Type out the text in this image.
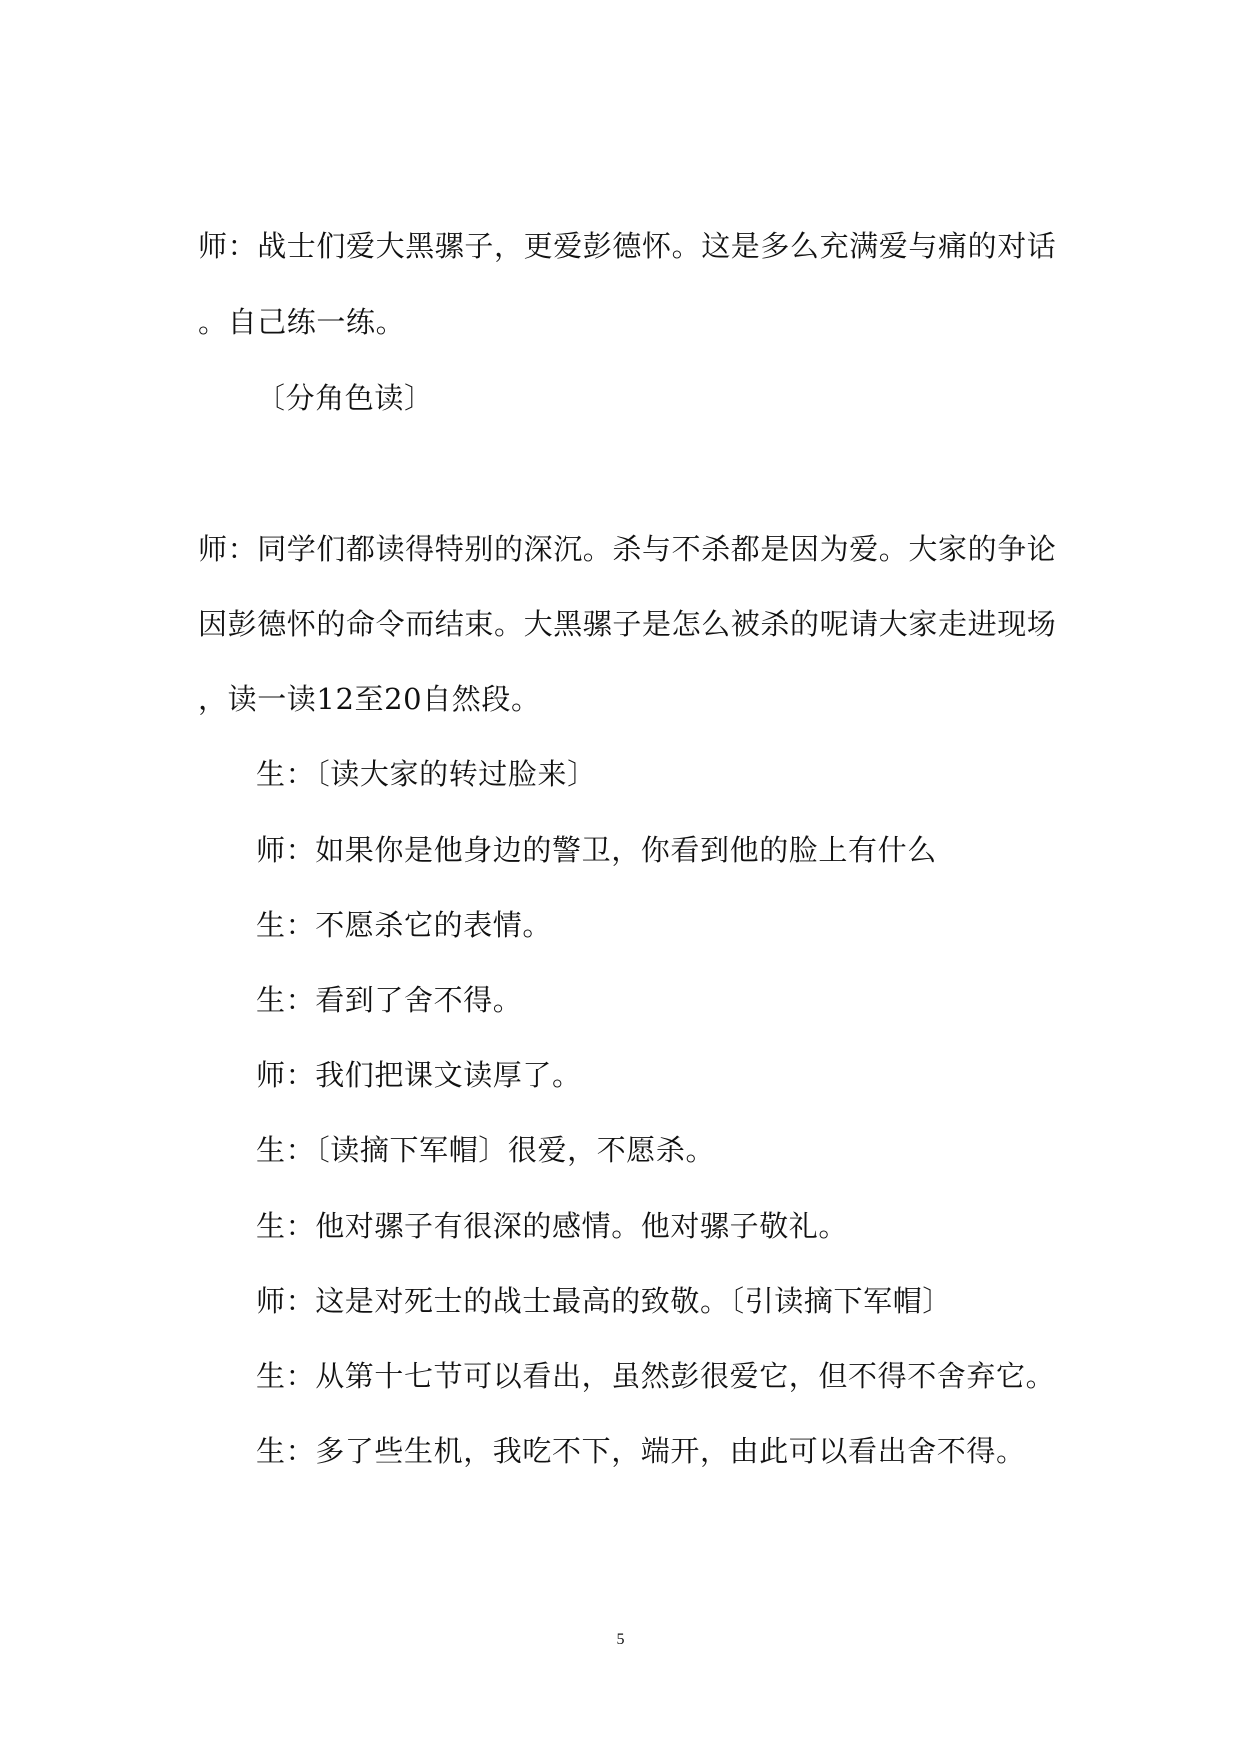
师：战士们爱大黑骡子，更爱彭德怀。这是多么充满爱与痛的对话
。自己练一练。
〔分角色读〕
师：同学们都读得特别的深沉。杀与不杀都是因为爱。大家的争论
因彭德怀的命令而结束。大黑骡子是怎么被杀的呢请大家走进现场
，读一读12至20自然段。
生：〔读大家的转过脸来〕
师：如果你是他身边的警卫，你看到他的脸上有什么
生：不愿杀它的表情。
生：看到了舍不得。
师：我们把课文读厚了。
生：〔读摘下军帽〕很爱，不愿杀。
生：他对骡子有很深的感情。他对骡子敬礼。
师：这是对死士的战士最高的致敬。〔引读摘下军帽〕
生：从第十七节可以看出，虽然彭很爱它，但不得不舍弃它。
生：多了些生机，我吃不下，端开，由此可以看出舍不得。
5
